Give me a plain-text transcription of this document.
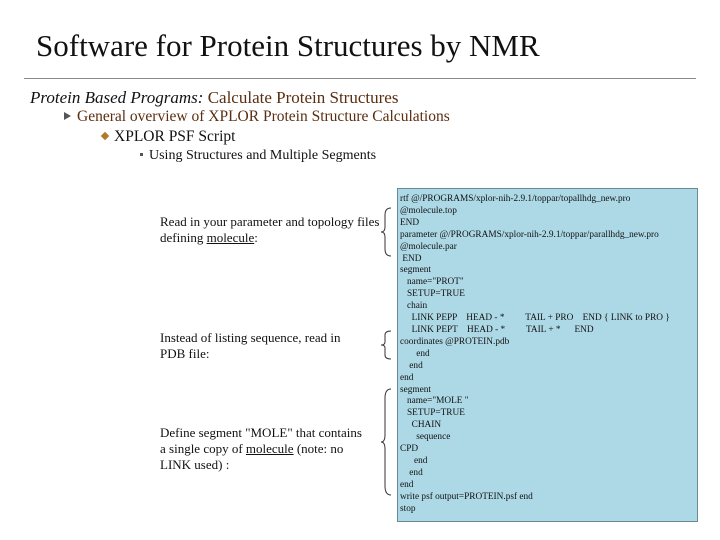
Software for Protein Structures by NMR
Protein Based Programs: Calculate Protein Structures
General overview of XPLOR Protein Structure Calculations
XPLOR PSF Script
Using Structures and Multiple Segments
Read in your parameter and topology files defining molecule:
Instead of listing sequence, read in PDB file:
Define segment "MOLE" that contains a single copy of molecule (note: no LINK used) :
rtf @/PROGRAMS/xplor-nih-2.9.1/toppar/topallhdg_new.pro
@molecule.top
END
parameter @/PROGRAMS/xplor-nih-2.9.1/toppar/parallhdg_new.pro
@molecule.par
END
segment
name="PROT"
SETUP=TRUE
chain
LINK PEPP    HEAD - *         TAIL + PRO    END { LINK to PRO }
LINK PEPT    HEAD - *         TAIL + *      END
coordinates @PROTEIN.pdb
end
end
end
segment
name="MOLE "
SETUP=TRUE
CHAIN
sequence
CPD
end
end
end
write psf output=PROTEIN.psf end
stop
